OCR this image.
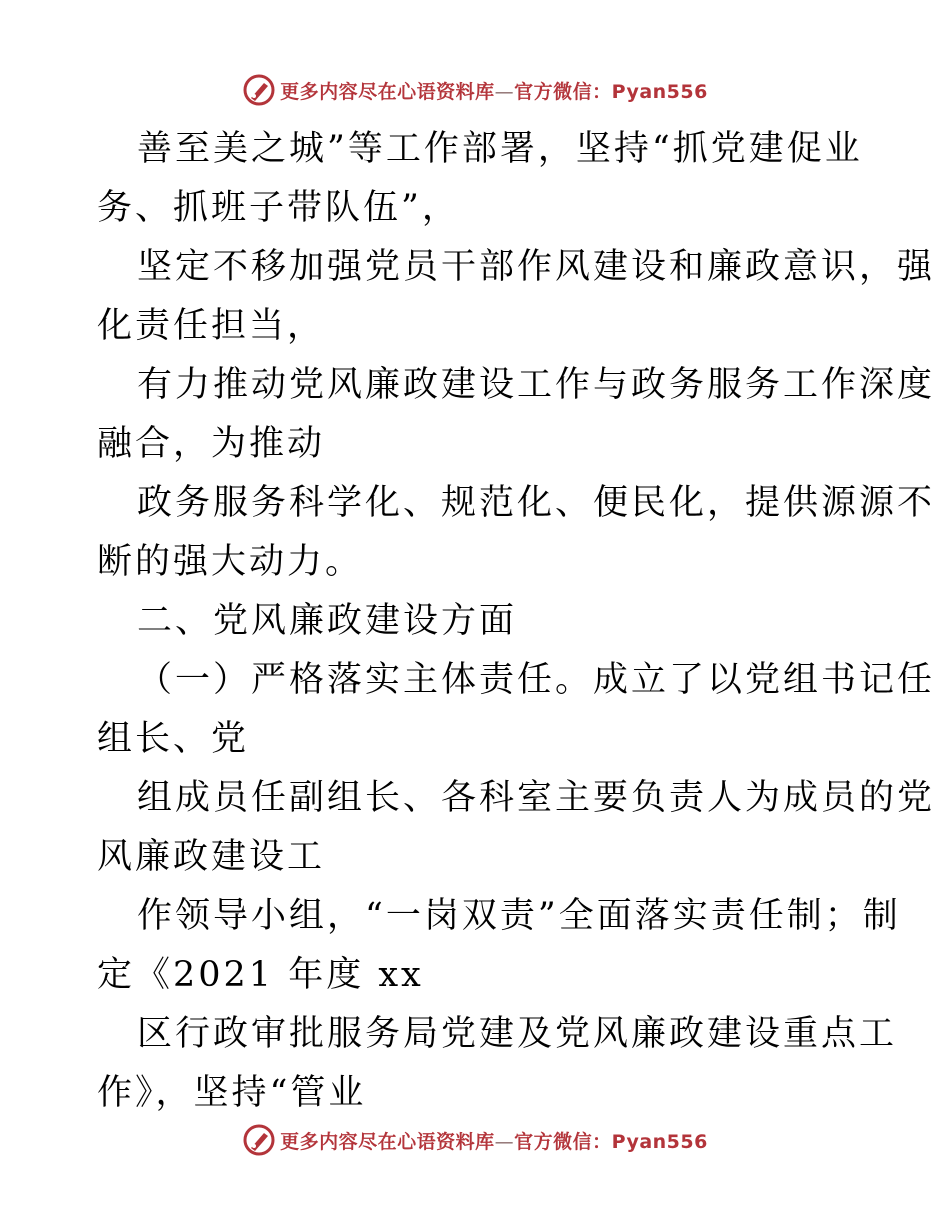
更多内容尽在心语资料库—官方微信：Pyan556
善至美之城”等工作部署，坚持“抓党建促业
务、抓班子带队伍”，
坚定不移加强党员干部作风建设和廉政意识，强
化责任担当，
有力推动党风廉政建设工作与政务服务工作深度
融合，为推动
政务服务科学化、规范化、便民化，提供源源不
断的强大动力。
二、党风廉政建设方面
（一）严格落实主体责任。成立了以党组书记任
组长、党
组成员任副组长、各科室主要负责人为成员的党
风廉政建设工
作领导小组，“一岗双责”全面落实责任制；制
定《2021 年度 xx
区行政审批服务局党建及党风廉政建设重点工
作》，坚持“管业
更多内容尽在心语资料库—官方微信：Pyan556
